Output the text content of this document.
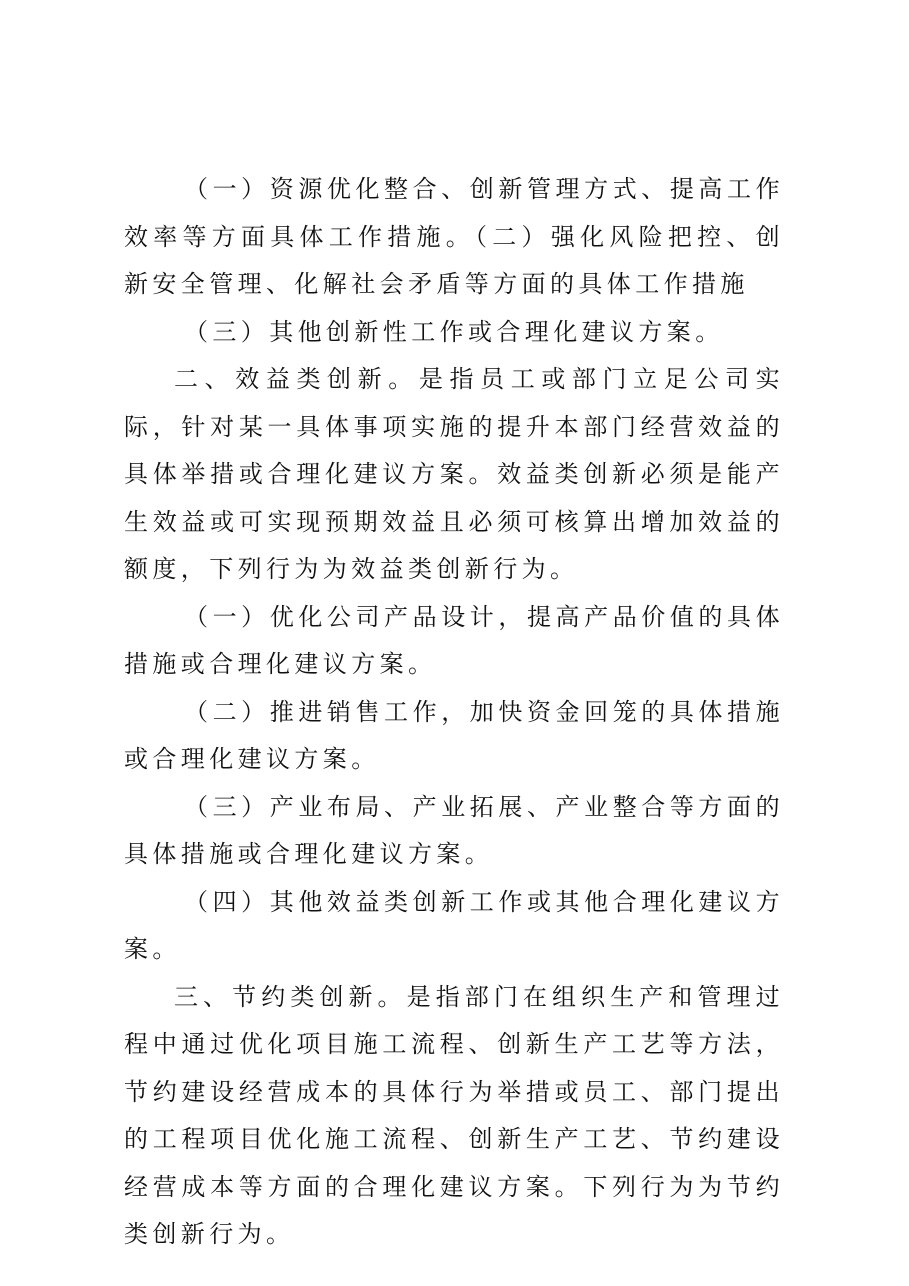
（一）资源优化整合、创新管理方式、提高工作效率等方面具体工作措施。（二）强化风险把控、创新安全管理、化解社会矛盾等方面的具体工作措施

（三）其他创新性工作或合理化建议方案。

二、效益类创新。是指员工或部门立足公司实际，针对某一具体事项实施的提升本部门经营效益的具体举措或合理化建议方案。效益类创新必须是能产生效益或可实现预期效益且必须可核算出增加效益的额度，下列行为为效益类创新行为。

（一）优化公司产品设计，提高产品价值的具体措施或合理化建议方案。

（二）推进销售工作，加快资金回笼的具体措施或合理化建议方案。

（三）产业布局、产业拓展、产业整合等方面的具体措施或合理化建议方案。

（四）其他效益类创新工作或其他合理化建议方案。

三、节约类创新。是指部门在组织生产和管理过程中通过优化项目施工流程、创新生产工艺等方法，节约建设经营成本的具体行为举措或员工、部门提出的工程项目优化施工流程、创新生产工艺、节约建设经营成本等方面的合理化建议方案。下列行为为节约类创新行为。
